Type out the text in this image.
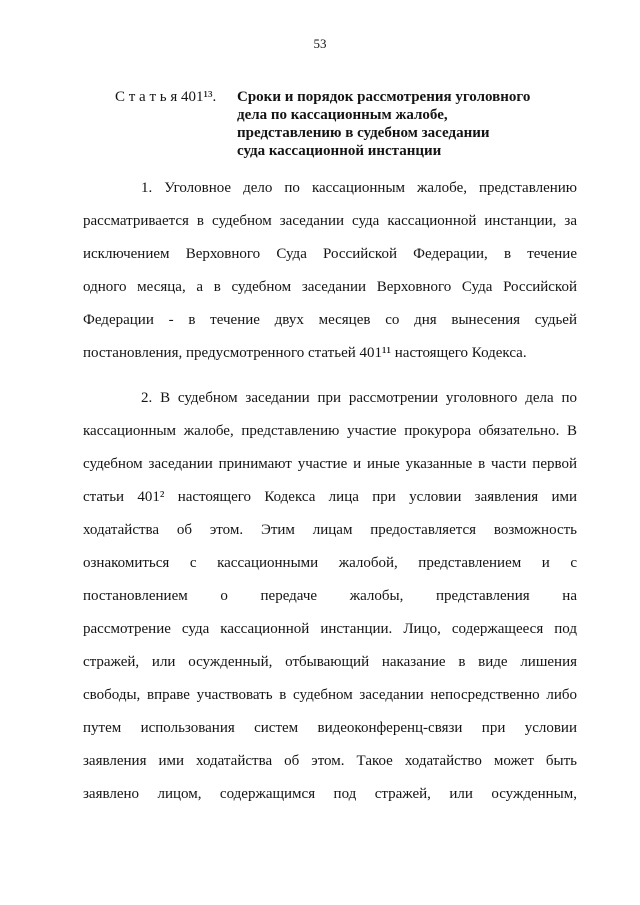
53
С т а т ь я 401¹³.	Сроки и порядок рассмотрения уголовного
дела по кассационным жалобе,
представлению в судебном заседании
суда кассационной инстанции
1. Уголовное дело по кассационным жалобе, представлению
рассматривается в судебном заседании суда кассационной инстанции, за
исключением Верховного Суда Российской Федерации, в течение
одного месяца, а в судебном заседании Верховного Суда Российской
Федерации - в течение двух месяцев со дня вынесения судьей
постановления, предусмотренного статьей 401¹¹ настоящего Кодекса.
2. В судебном заседании при рассмотрении уголовного дела по
кассационным жалобе, представлению участие прокурора обязательно. В
судебном заседании принимают участие и иные указанные в части первой
статьи 401² настоящего Кодекса лица при условии заявления ими
ходатайства об этом. Этим лицам предоставляется возможность
ознакомиться с кассационными жалобой, представлением и с
постановлением о передаче жалобы, представления на
рассмотрение суда кассационной инстанции. Лицо, содержащееся под
стражей, или осужденный, отбывающий наказание в виде лишения
свободы, вправе участвовать в судебном заседании непосредственно либо
путем использования систем видеоконференц-связи при условии
заявления ими ходатайства об этом. Такое ходатайство может быть
заявлено лицом, содержащимся под стражей, или осужденным,
